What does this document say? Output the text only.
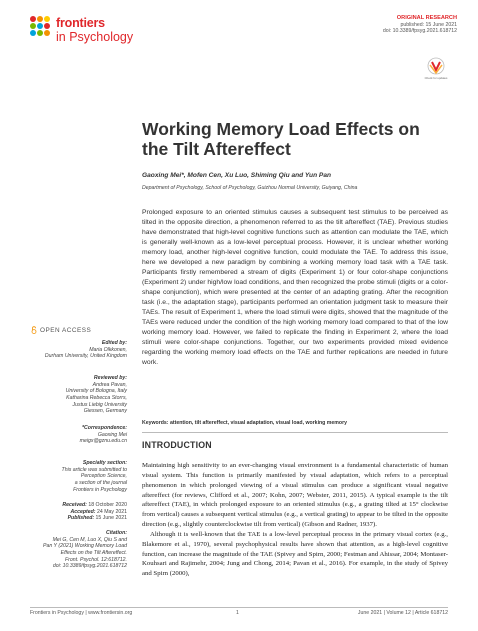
frontiers
in Psychology
ORIGINAL RESEARCH
published: 15 June 2021
doi: 10.3389/fpsyg.2021.618712
Check for updates
Working Memory Load Effects on the Tilt Aftereffect
Gaoxing Mei*, Mofen Cen, Xu Luo, Shiming Qiu and Yun Pan
Department of Psychology, School of Psychology, Guizhou Normal University, Guiyang, China
Prolonged exposure to an oriented stimulus causes a subsequent test stimulus to be perceived as tilted in the opposite direction, a phenomenon referred to as the tilt aftereffect (TAE). Previous studies have demonstrated that high-level cognitive functions such as attention can modulate the TAE, which is generally well-known as a low-level perceptual process. However, it is unclear whether working memory load, another high-level cognitive function, could modulate the TAE. To address this issue, here we developed a new paradigm by combining a working memory load task with a TAE task. Participants firstly remembered a stream of digits (Experiment 1) or four color-shape conjunctions (Experiment 2) under high/low load conditions, and then recognized the probe stimuli (digits or a color-shape conjunction), which were presented at the center of an adapting grating. After the recognition task (i.e., the adaptation stage), participants performed an orientation judgment task to measure their TAEs. The result of Experiment 1, where the load stimuli were digits, showed that the magnitude of the TAEs were reduced under the condition of the high working memory load compared to that of the low working memory load. However, we failed to replicate the finding in Experiment 2, where the load stimuli were color-shape conjunctions. Together, our two experiments provided mixed evidence regarding the working memory load effects on the TAE and further replications are needed in future work.
Keywords: attention, tilt aftereffect, visual adaptation, visual load, working memory
INTRODUCTION

Maintaining high sensitivity to an ever-changing visual environment is a fundamental characteristic of human visual system. This function is primarily manifested by visual adaptation, which refers to a perceptual phenomenon in which prolonged viewing of a visual stimulus can produce a significant visual negative aftereffect (for reviews, Clifford et al., 2007; Kohn, 2007; Webster, 2011, 2015). A typical example is the tilt aftereffect (TAE), in which prolonged exposure to an oriented stimulus (e.g., a grating tilted at 15° clockwise from vertical) causes a subsequent vertical stimulus (e.g., a vertical grating) to appear to be tilted in the opposite direction (e.g., slightly counterclockwise tilt from vertical) (Gibson and Radner, 1937).

Although it is well-known that the TAE is a low-level perceptual process in the primary visual cortex (e.g., Blakemore et al., 1970), several psychophysical results have shown that attention, as a high-level cognitive function, can increase the magnitude of the TAE (Spivey and Spirn, 2000; Festman and Ahissar, 2004; Montaser-Kouhsari and Rajimehr, 2004; Jung and Chong, 2014; Pavan et al., 2016). For example, in the study of Spivey and Spirn (2000),

OPEN ACCESS
Edited by:
Maria Olkkonen,
Durham University, United Kingdom
Reviewed by:
Andrea Pavan,
University of Bologna, Italy
Katharina Rebecca Storrs,
Justus Liebig University
Giessen, Germany
*Correspondence:
Gaoxing Mei
meigx@gznu.edu.cn
Specialty section:
This article was submitted to
Perception Science,
a section of the journal
Frontiers in Psychology
Received: 18 October 2020
Accepted: 24 May 2021
Published: 15 June 2021
Citation:
Mei G, Cen M, Luo X, Qiu S and
Pan Y (2021) Working Memory Load
Effects on the Tilt Aftereffect.
Front. Psychol. 12:618712.
doi: 10.3389/fpsyg.2021.618712
Frontiers in Psychology | www.frontiersin.org	1	June 2021 | Volume 12 | Article 618712
